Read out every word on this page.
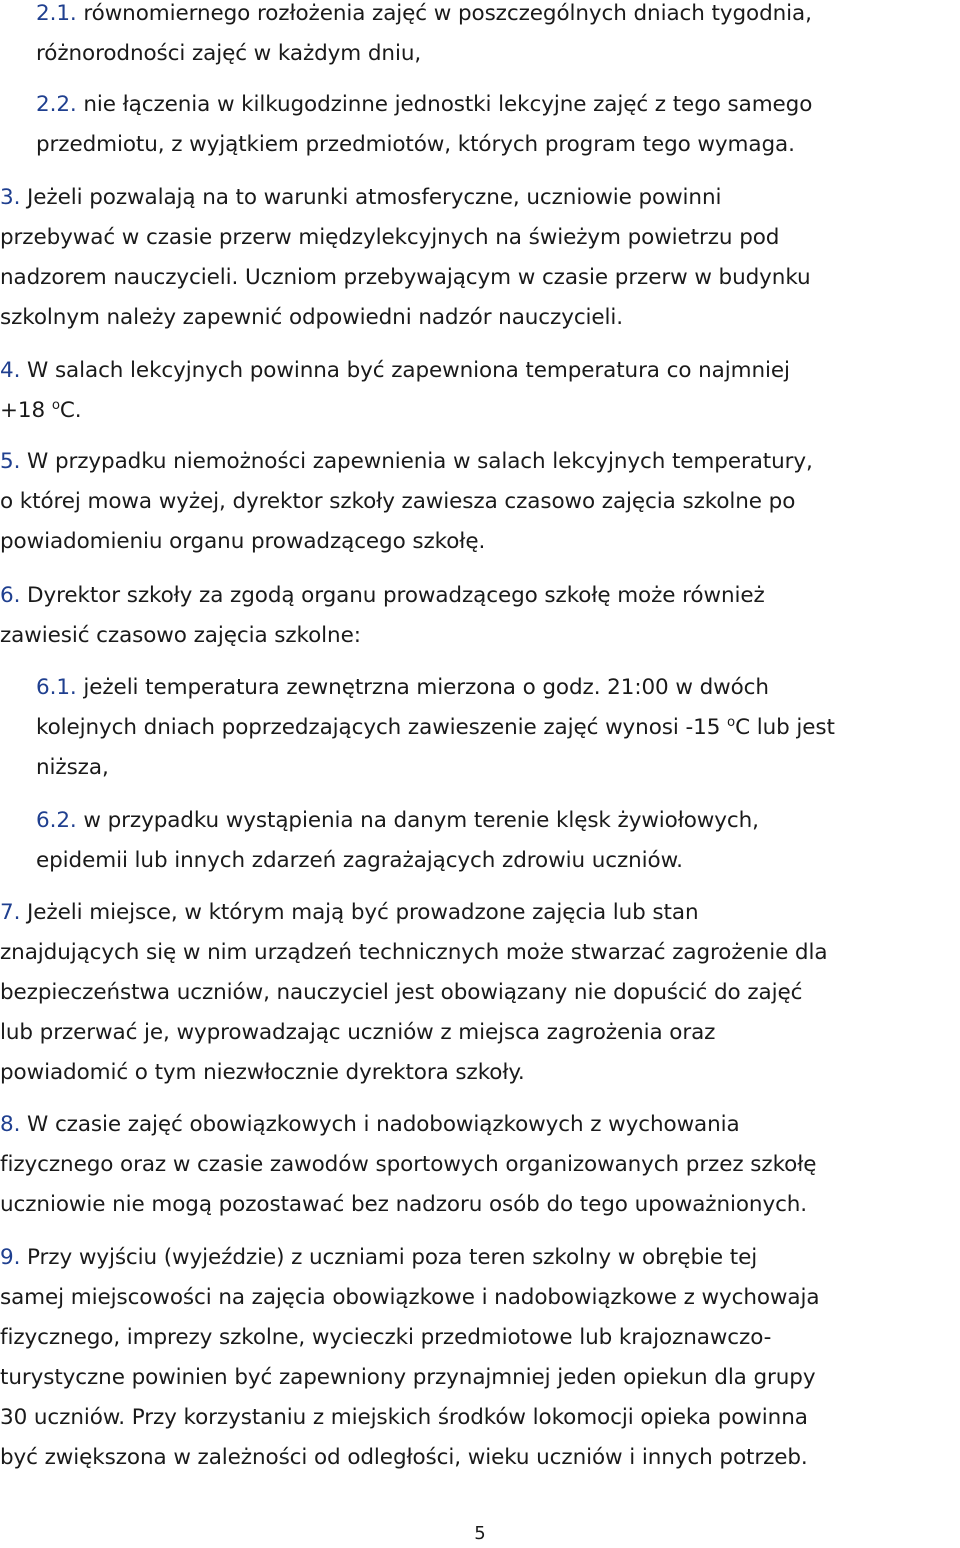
2.1. równomiernego rozłożenia zajęć w poszczególnych dniach tygodnia,
różnorodności zajęć w każdym dniu,

2.2. nie łączenia w kilkugodzinne jednostki lekcyjne zajęć z tego samego
przedmiotu, z wyjątkiem przedmiotów, których program tego wymaga.

3. Jeżeli pozwalają na to warunki atmosferyczne, uczniowie powinni
przebywać w czasie przerw międzylekcyjnych na świeżym powietrzu pod
nadzorem nauczycieli. Uczniom przebywającym w czasie przerw w budynku
szkolnym należy zapewnić odpowiedni nadzór nauczycieli.

4. W salach lekcyjnych powinna być zapewniona temperatura co najmniej
+18 $^o$C.

5. W przypadku niemożności zapewnienia w salach lekcyjnych temperatury,
o której mowa wyżej, dyrektor szkoły zawiesza czasowo zajęcia szkolne po
powiadomieniu organu prowadzącego szkołę.

6. Dyrektor szkoły za zgodą organu prowadzącego szkołę może również
zawiesić czasowo zajęcia szkolne:

6.1. jeżeli temperatura zewnętrzna mierzona o godz. 21:00 w dwóch
kolejnych dniach poprzedzających zawieszenie zajęć wynosi -15 $^o$C lub jest
niższa,

6.2. w przypadku wystąpienia na danym terenie klęsk żywiołowych,
epidemii lub innych zdarzeń zagrażających zdrowiu uczniów.

7. Jeżeli miejsce, w którym mają być prowadzone zajęcia lub stan
znajdujących się w nim urządzeń technicznych może stwarzać zagrożenie dla
bezpieczeństwa uczniów, nauczyciel jest obowiązany nie dopuścić do zajęć
lub przerwać je, wyprowadzając uczniów z miejsca zagrożenia oraz
powiadomić o tym niezwłocznie dyrektora szkoły.

8. W czasie zajęć obowiązkowych i nadobowiązkowych z wychowania
fizycznego oraz w czasie zawodów sportowych organizowanych przez szkołę
uczniowie nie mogą pozostawać bez nadzoru osób do tego upoważnionych.

9. Przy wyjściu (wyjeździe) z uczniami poza teren szkolny w obrębie tej
samej miejscowości na zajęcia obowiązkowe i nadobowiązkowe z wychowaja
fizycznego, imprezy szkolne, wycieczki przedmiotowe lub krajoznawczo-
turystyczne powinien być zapewniony przynajmniej jeden opiekun dla grupy
30 uczniów. Przy korzystaniu z miejskich środków lokomocji opieka powinna
być zwiększona w zależności od odległości, wieku uczniów i innych potrzeb.

5
